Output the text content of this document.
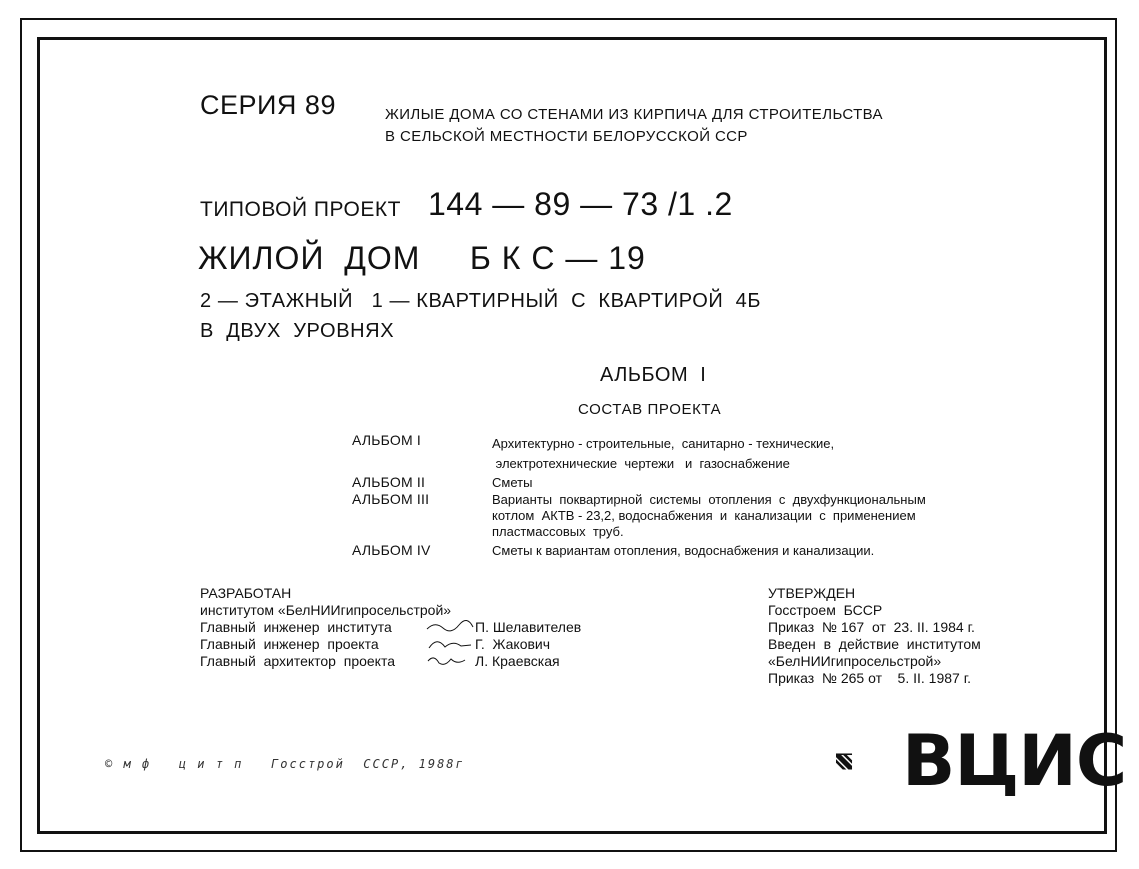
СЕРИЯ 89	ЖИЛЫЕ ДОМА СО СТЕНАМИ ИЗ КИРПИЧА ДЛЯ СТРОИТЕЛЬСТВА
В СЕЛЬСКОЙ МЕСТНОСТИ БЕЛОРУССКОЙ ССР
ТИПОВОЙ ПРОЕКТ 144 — 89 — 73 /1 .2
ЖИЛОЙ  ДОМ     Б К С — 19
2 — ЭТАЖНЫЙ   1 — КВАРТИРНЫЙ  С  КВАРТИРОЙ  4Б
В  ДВУХ  УРОВНЯХ
АЛЬБОМ  I
СОСТАВ ПРОЕКТА
АЛЬБОМ I	Архитектурно - строительные,  санитарно - технические,
электротехнические  чертежи   и  газоснабжение
АЛЬБОМ II	Сметы
АЛЬБОМ III	Варианты  поквартирной  системы  отопления  с  двухфункциональным
котлом  АКТВ - 23,2, водоснабжения  и  канализации  с  применением
пластмассовых  труб.
АЛЬБОМ IV	Сметы к вариантам отопления, водоснабжения и канализации.
РАЗРАБОТАН
институтом «БелНИИгипросельстрой»
Главный  инженер  института	П. Шелавителев
Главный  инженер  проекта	Г.  Жакович
Главный  архитектор  проекта	Л. Краевская
УТВЕРЖДЕН
Госстроем  БССР
Приказ  № 167  от  23. II. 1984 г.
Введен  в  действие  институтом
«БелНИИгипросельстрой»
Приказ  № 265 от    5. II. 1987 г.
© м ф   ц и т п   Госстрой  СССР, 1988г	ВЦИС
